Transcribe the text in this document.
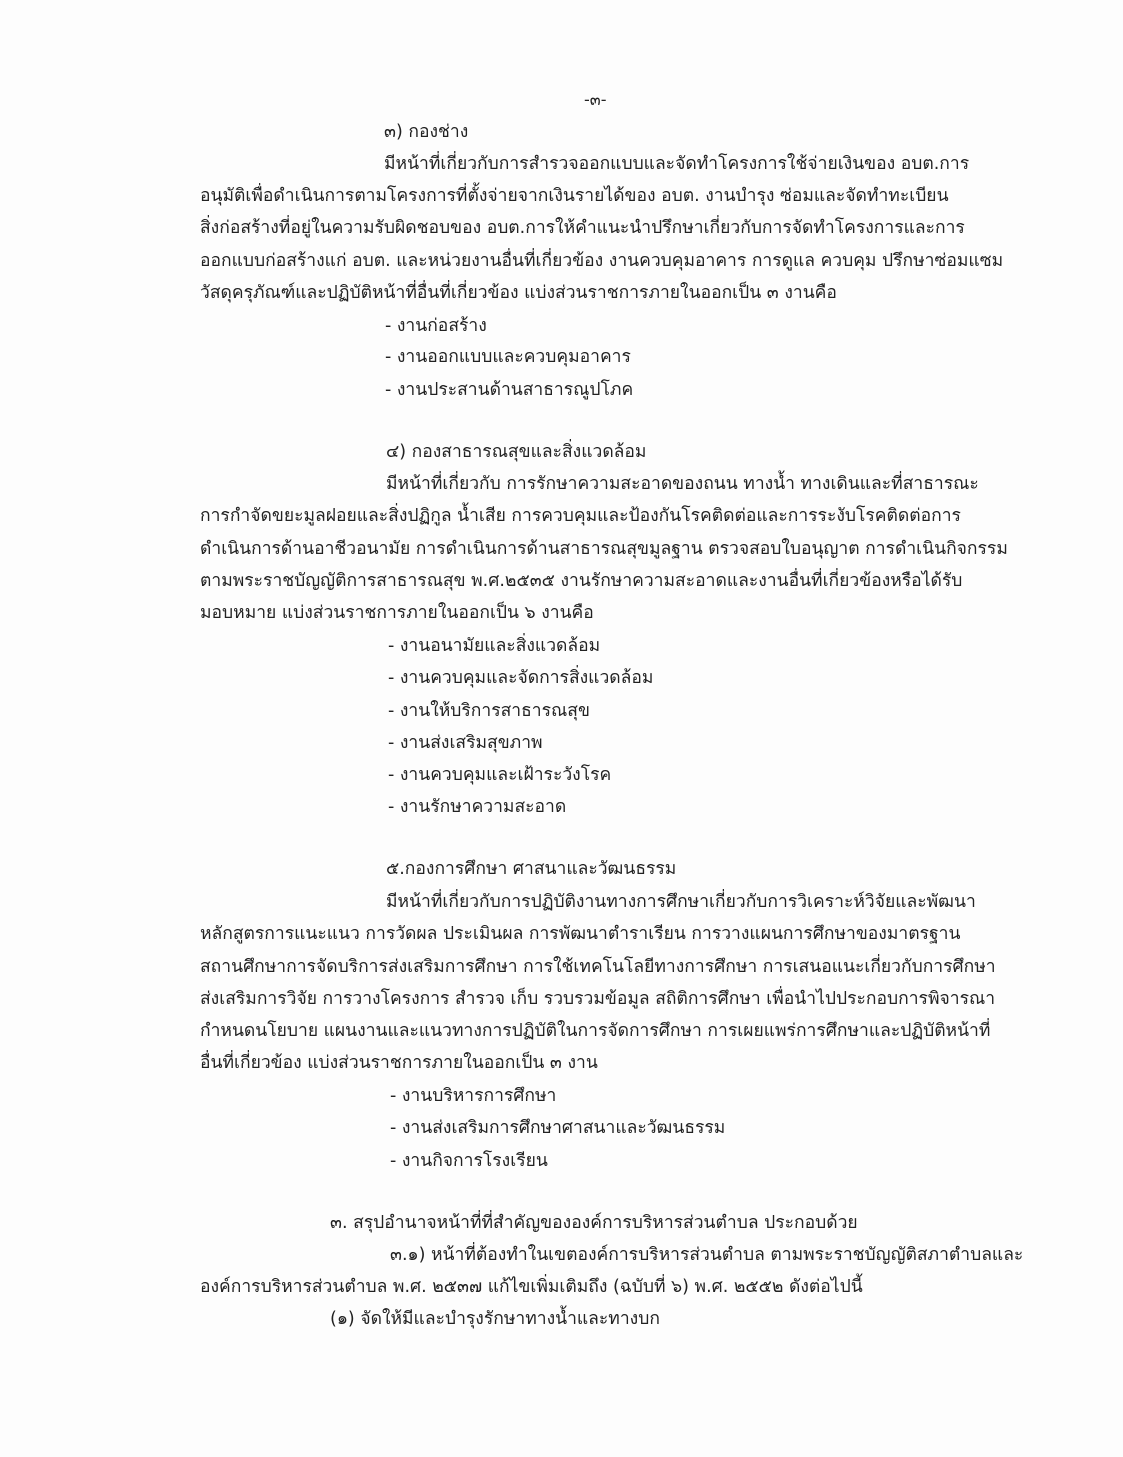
-๓-
๓) กองช่าง
มีหน้าที่เกี่ยวกับการสำรวจออกแบบและจัดทำโครงการใช้จ่ายเงินของ อบต.การ
อนุมัติเพื่อดำเนินการตามโครงการที่ตั้งจ่ายจากเงินรายได้ของ อบต. งานบำรุง ซ่อมและจัดทำทะเบียน
สิ่งก่อสร้างที่อยู่ในความรับผิดชอบของ อบต.การให้คำแนะนำปรึกษาเกี่ยวกับการจัดทำโครงการและการ
ออกแบบก่อสร้างแก่ อบต. และหน่วยงานอื่นที่เกี่ยวข้อง งานควบคุมอาคาร การดูแล ควบคุม ปรึกษาซ่อมแซม
วัสดุครุภัณฑ์และปฏิบัติหน้าที่อื่นที่เกี่ยวข้อง แบ่งส่วนราชการภายในออกเป็น ๓ งานคือ
- งานก่อสร้าง
- งานออกแบบและควบคุมอาคาร
- งานประสานด้านสาธารณูปโภค
๔) กองสาธารณสุขและสิ่งแวดล้อม
มีหน้าที่เกี่ยวกับ การรักษาความสะอาดของถนน ทางน้ำ ทางเดินและที่สาธารณะ
การกำจัดขยะมูลฝอยและสิ่งปฏิกูล น้ำเสีย การควบคุมและป้องกันโรคติดต่อและการระงับโรคติดต่อการ
ดำเนินการด้านอาชีวอนามัย การดำเนินการด้านสาธารณสุขมูลฐาน ตรวจสอบใบอนุญาต การดำเนินกิจกรรม
ตามพระราชบัญญัติการสาธารณสุข พ.ศ.๒๕๓๕ งานรักษาความสะอาดและงานอื่นที่เกี่ยวข้องหรือได้รับ
มอบหมาย แบ่งส่วนราชการภายในออกเป็น ๖ งานคือ
- งานอนามัยและสิ่งแวดล้อม
- งานควบคุมและจัดการสิ่งแวดล้อม
- งานให้บริการสาธารณสุข
- งานส่งเสริมสุขภาพ
- งานควบคุมและเฝ้าระวังโรค
- งานรักษาความสะอาด
๕.กองการศึกษา ศาสนาและวัฒนธรรม
มีหน้าที่เกี่ยวกับการปฏิบัติงานทางการศึกษาเกี่ยวกับการวิเคราะห์วิจัยและพัฒนา
หลักสูตรการแนะแนว การวัดผล ประเมินผล การพัฒนาตำราเรียน การวางแผนการศึกษาของมาตรฐาน
สถานศึกษาการจัดบริการส่งเสริมการศึกษา การใช้เทคโนโลยีทางการศึกษา การเสนอแนะเกี่ยวกับการศึกษา
ส่งเสริมการวิจัย การวางโครงการ สำรวจ เก็บ รวบรวมข้อมูล สถิติการศึกษา เพื่อนำไปประกอบการพิจารณา
กำหนดนโยบาย แผนงานและแนวทางการปฏิบัติในการจัดการศึกษา การเผยแพร่การศึกษาและปฏิบัติหน้าที่
อื่นที่เกี่ยวข้อง แบ่งส่วนราชการภายในออกเป็น ๓ งาน
- งานบริหารการศึกษา
- งานส่งเสริมการศึกษาศาสนาและวัฒนธรรม
- งานกิจการโรงเรียน
๓. สรุปอำนาจหน้าที่ที่สำคัญขององค์การบริหารส่วนตำบล ประกอบด้วย
๓.๑) หน้าที่ต้องทำในเขตองค์การบริหารส่วนตำบล ตามพระราชบัญญัติสภาตำบลและ
องค์การบริหารส่วนตำบล พ.ศ. ๒๕๓๗ แก้ไขเพิ่มเติมถึง (ฉบับที่ ๖) พ.ศ. ๒๕๕๒ ดังต่อไปนี้
(๑) จัดให้มีและบำรุงรักษาทางน้ำและทางบก
